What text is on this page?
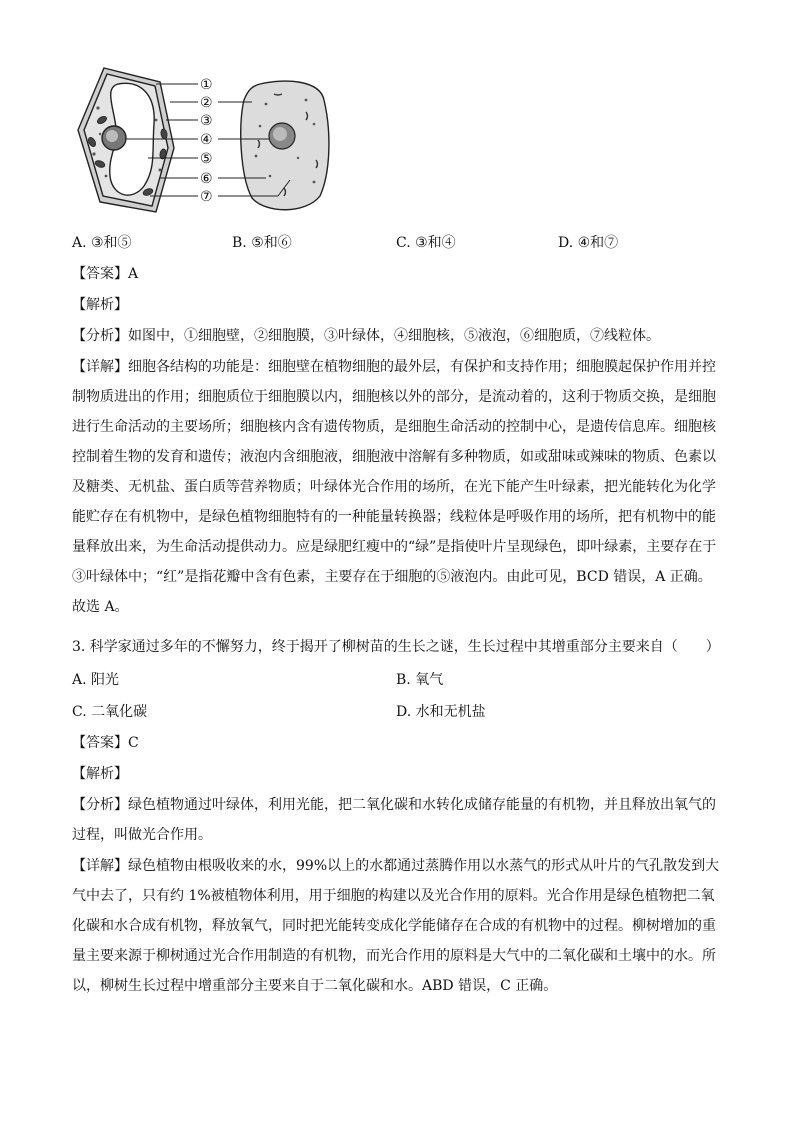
①
②
③
④
⑤
⑥
⑦
A. ③和⑤	B. ⑤和⑥	C. ③和④	D. ④和⑦
【答案】A
【解析】
【分析】如图中，①细胞壁，②细胞膜，③叶绿体，④细胞核，⑤液泡，⑥细胞质，⑦线粒体。

【详解】细胞各结构的功能是：细胞壁在植物细胞的最外层，有保护和支持作用；细胞膜起保护作用并控

制物质进出的作用；细胞质位于细胞膜以内，细胞核以外的部分，是流动着的，这利于物质交换，是细胞

进行生命活动的主要场所；细胞核内含有遗传物质，是细胞生命活动的控制中心，是遗传信息库。细胞核

控制着生物的发育和遗传；液泡内含细胞液，细胞液中溶解有多种物质，如或甜味或辣味的物质、色素以

及糖类、无机盐、蛋白质等营养物质；叶绿体光合作用的场所，在光下能产生叶绿素，把光能转化为化学

能贮存在有机物中，是绿色植物细胞特有的一种能量转换器；线粒体是呼吸作用的场所，把有机物中的能

量释放出来，为生命活动提供动力。应是绿肥红瘦中的“绿”是指使叶片呈现绿色，即叶绿素，主要存在于

③叶绿体中；“红”是指花瓣中含有色素，主要存在于细胞的⑤液泡内。由此可见，BCD 错误，A 正确。

故选 A。

3. 科学家通过多年的不懈努力，终于揭开了柳树苗的生长之谜，生长过程中其增重部分主要来自（　　）
A. 阳光	B. 氧气
C. 二氧化碳	D. 水和无机盐
【答案】C
【解析】

【分析】绿色植物通过叶绿体，利用光能，把二氧化碳和水转化成储存能量的有机物，并且释放出氧气的

过程，叫做光合作用。

【详解】绿色植物由根吸收来的水，99%以上的水都通过蒸腾作用以水蒸气的形式从叶片的气孔散发到大

气中去了，只有约 1%被植物体利用，用于细胞的构建以及光合作用的原料。光合作用是绿色植物把二氧

化碳和水合成有机物，释放氧气，同时把光能转变成化学能储存在合成的有机物中的过程。柳树增加的重

量主要来源于柳树通过光合作用制造的有机物，而光合作用的原料是大气中的二氧化碳和土壤中的水。所

以，柳树生长过程中增重部分主要来自于二氧化碳和水。ABD 错误，C 正确。
